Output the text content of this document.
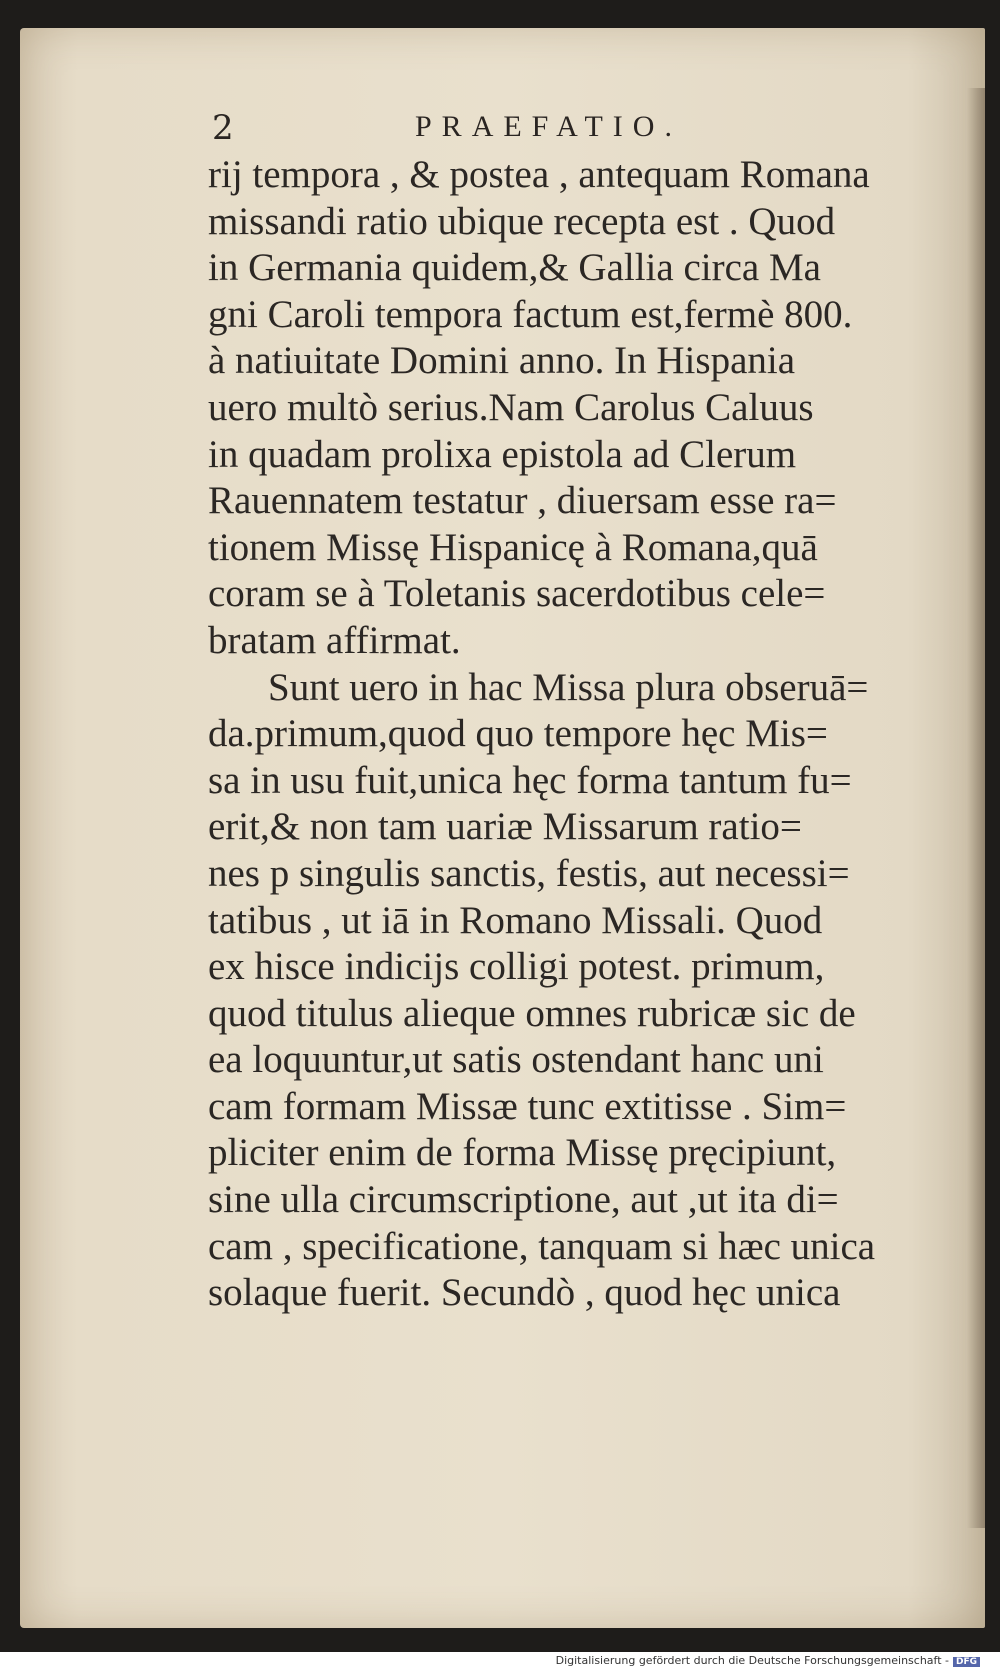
2	PRAEFATIO.
rij tempora , & postea , antequam Romana
missandi ratio ubique recepta est . Quod
in Germania quidem,& Gallia circa Ma
gni Caroli tempora factum est,fermè 800.
à natiuitate Domini anno. In Hispania
uero multò serius.Nam Carolus Caluus
in quadam prolixa epistola ad Clerum
Rauennatem testatur , diuersam esse ra=
tionem Missę Hispanicę à Romana,quā
coram se à Toletanis sacerdotibus cele=
bratam affirmat.
Sunt uero in hac Missa plura obseruā=
da.primum,quod quo tempore hęc Mis=
sa in usu fuit,unica hęc forma tantum fu=
erit,& non tam uariæ Missarum ratio=
nes p singulis sanctis, festis, aut necessi=
tatibus , ut iā in Romano Missali. Quod
ex hisce indicijs colligi potest. primum,
quod titulus alieque omnes rubricæ sic de
ea loquuntur,ut satis ostendant hanc uni
cam formam Missæ tunc extitisse . Sim=
pliciter enim de forma Missę pręcipiunt,
sine ulla circumscriptione, aut ,ut ita di=
cam , specificatione, tanquam si hæc unica
solaque fuerit. Secundò , quod hęc unica
Digitalisierung gefördert durch die Deutsche Forschungsgemeinschaft - DFG
